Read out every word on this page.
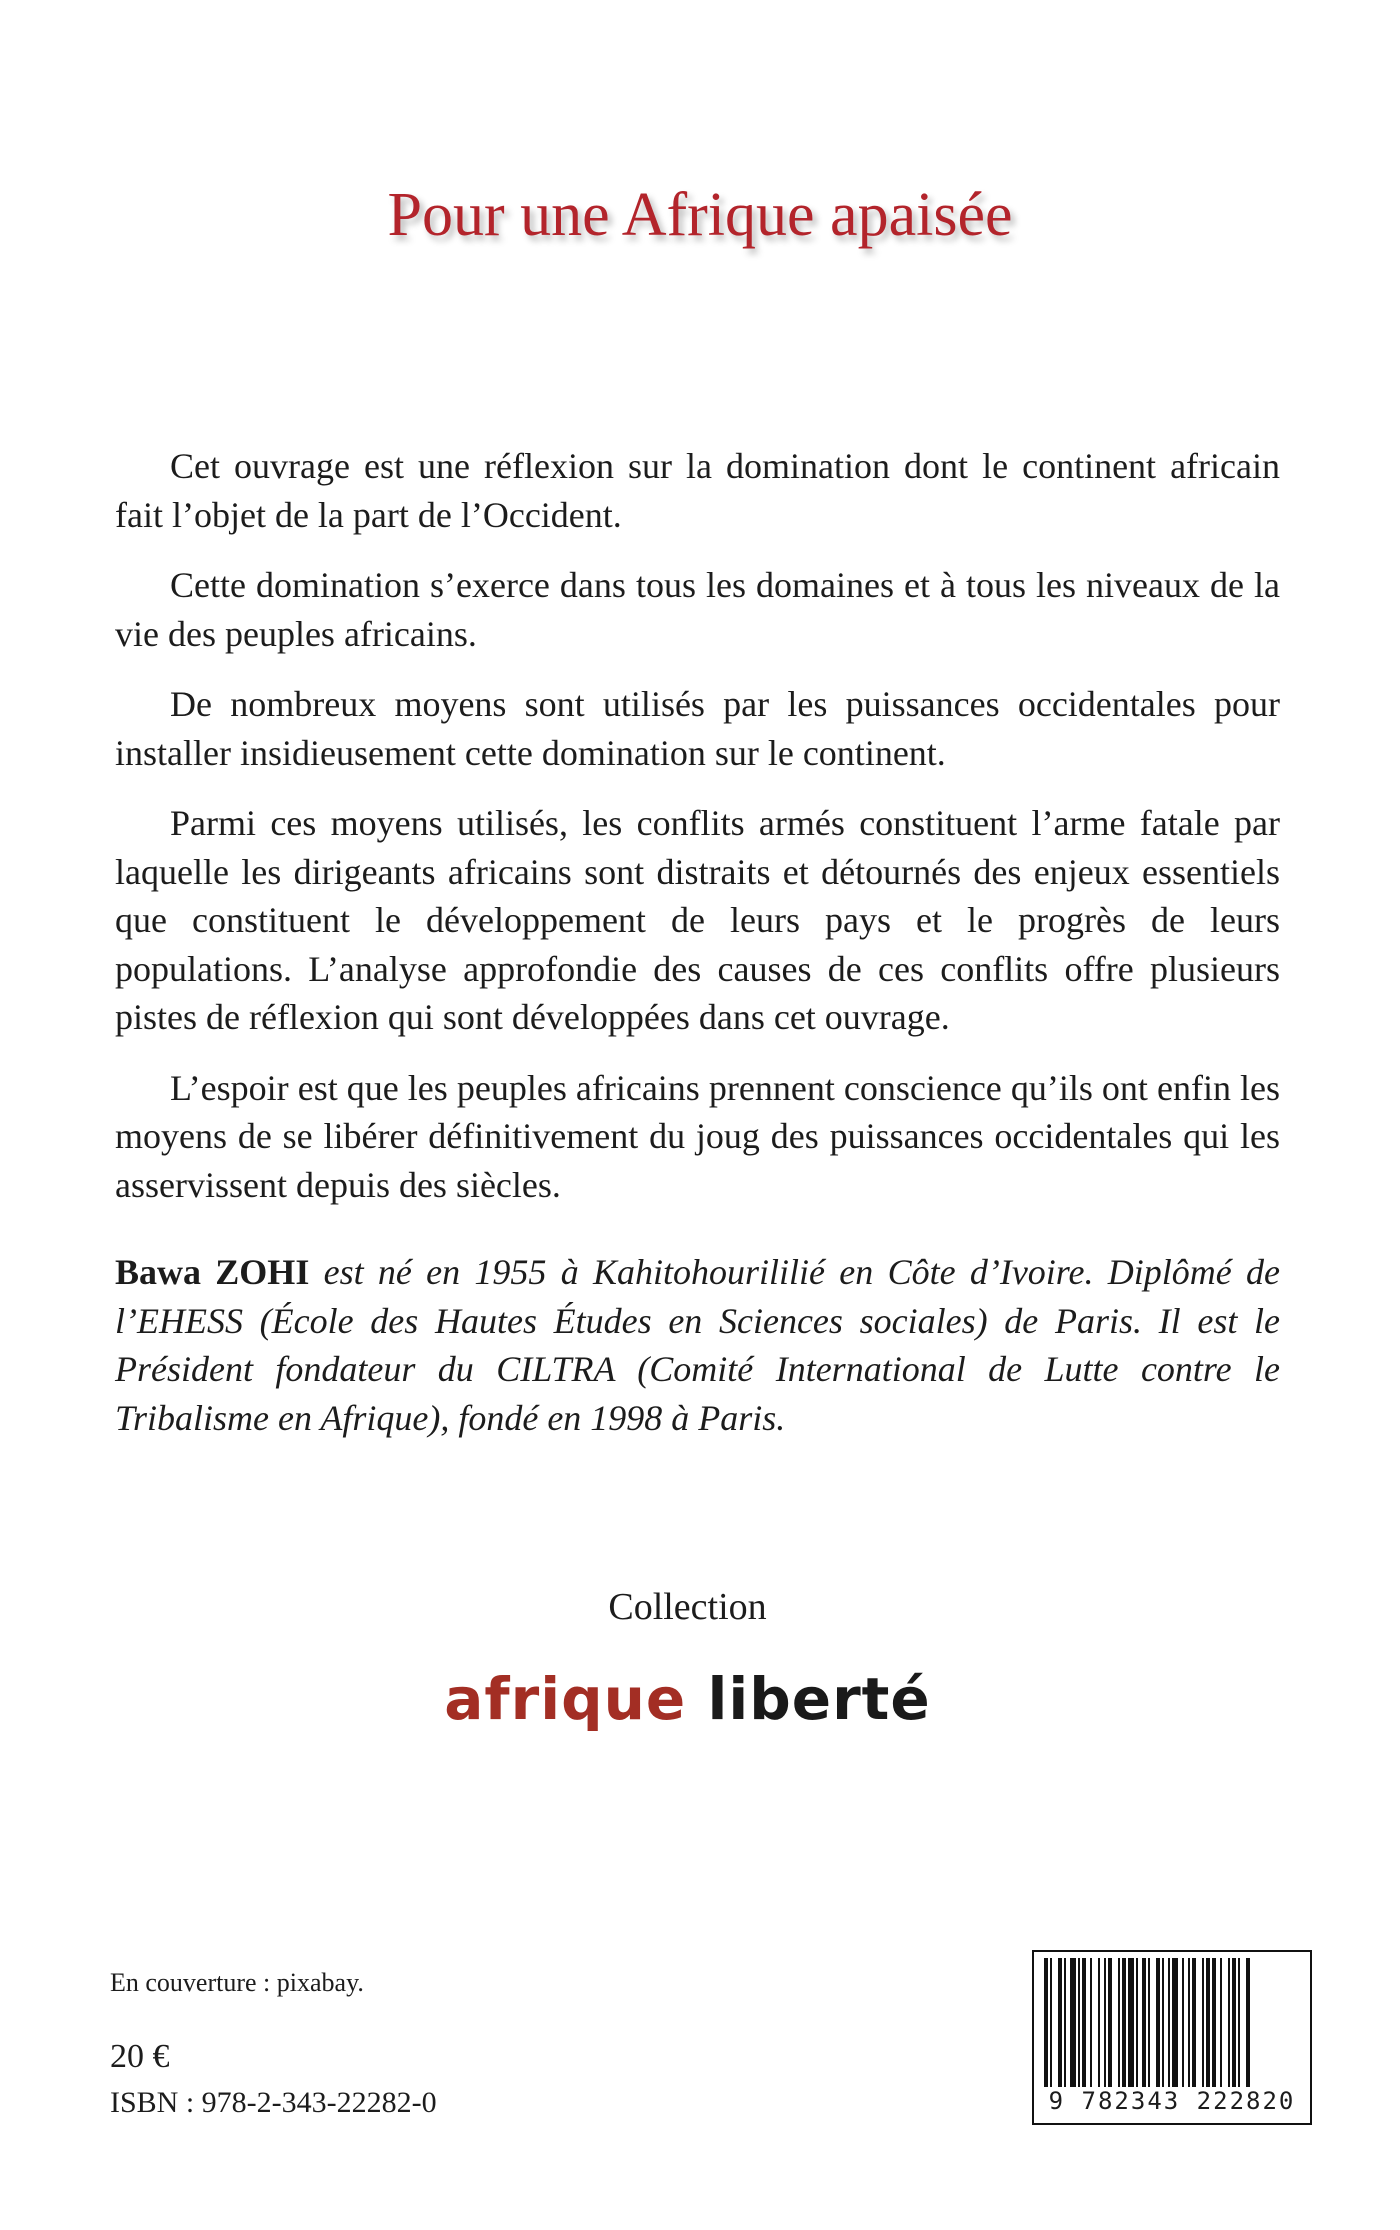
Pour une Afrique apaisée

Cet ouvrage est une réflexion sur la domination dont le continent africain fait l’objet de la part de l’Occident.

Cette domination s’exerce dans tous les domaines et à tous les niveaux de la vie des peuples africains.

De nombreux moyens sont utilisés par les puissances occidentales pour installer insidieusement cette domination sur le continent.

Parmi ces moyens utilisés, les conflits armés constituent l’arme fatale par laquelle les dirigeants africains sont distraits et détournés des enjeux essentiels que constituent le développement de leurs pays et le progrès de leurs populations. L’analyse approfondie des causes de ces conflits offre plusieurs pistes de réflexion qui sont développées dans cet ouvrage.

L’espoir est que les peuples africains prennent conscience qu’ils ont enfin les moyens de se libérer définitivement du joug des puissances occidentales qui les asservissent depuis des siècles.

Bawa ZOHI est né en 1955 à Kahitohourililié en Côte d’Ivoire. Diplômé de l’EHESS (École des Hautes Études en Sciences sociales) de Paris. Il est le Président fondateur du CILTRA (Comité International de Lutte contre le Tribalisme en Afrique), fondé en 1998 à Paris.
Collection
afrique liberté
En couverture : pixabay.
20 €
ISBN : 978-2-343-22282-0	9 782343 222820
